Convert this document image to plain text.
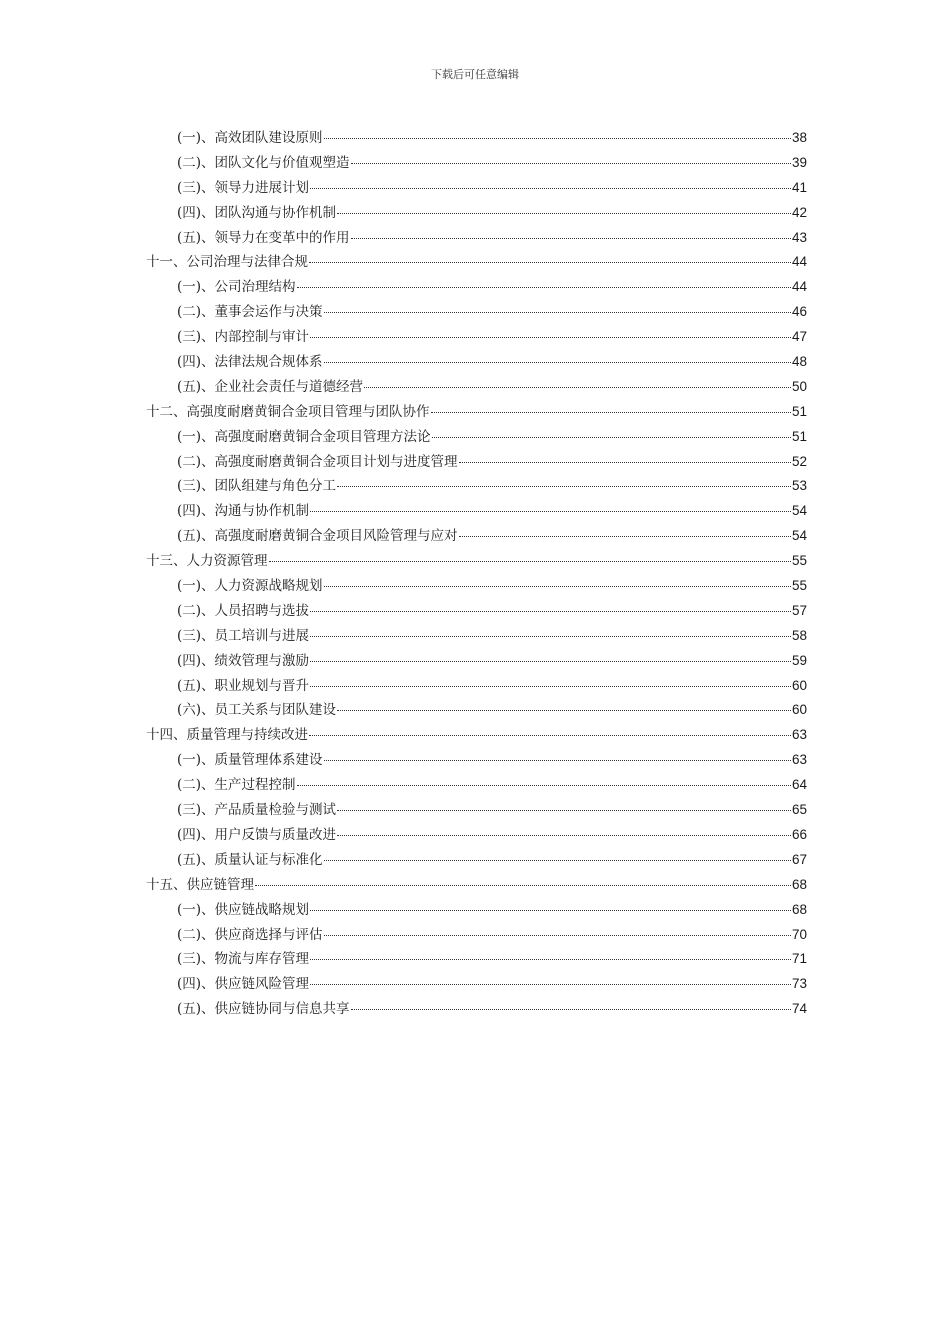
下载后可任意编辑
(一)、高效团队建设原则	38
(二)、团队文化与价值观塑造	39
(三)、领导力进展计划	41
(四)、团队沟通与协作机制	42
(五)、领导力在变革中的作用	43
十一、公司治理与法律合规	44
(一)、公司治理结构	44
(二)、董事会运作与决策	46
(三)、内部控制与审计	47
(四)、法律法规合规体系	48
(五)、企业社会责任与道德经营	50
十二、高强度耐磨黄铜合金项目管理与团队协作	51
(一)、高强度耐磨黄铜合金项目管理方法论	51
(二)、高强度耐磨黄铜合金项目计划与进度管理	52
(三)、团队组建与角色分工	53
(四)、沟通与协作机制	54
(五)、高强度耐磨黄铜合金项目风险管理与应对	54
十三、人力资源管理	55
(一)、人力资源战略规划	55
(二)、人员招聘与选拔	57
(三)、员工培训与进展	58
(四)、绩效管理与激励	59
(五)、职业规划与晋升	60
(六)、员工关系与团队建设	60
十四、质量管理与持续改进	63
(一)、质量管理体系建设	63
(二)、生产过程控制	64
(三)、产品质量检验与测试	65
(四)、用户反馈与质量改进	66
(五)、质量认证与标准化	67
十五、供应链管理	68
(一)、供应链战略规划	68
(二)、供应商选择与评估	70
(三)、物流与库存管理	71
(四)、供应链风险管理	73
(五)、供应链协同与信息共享	74
